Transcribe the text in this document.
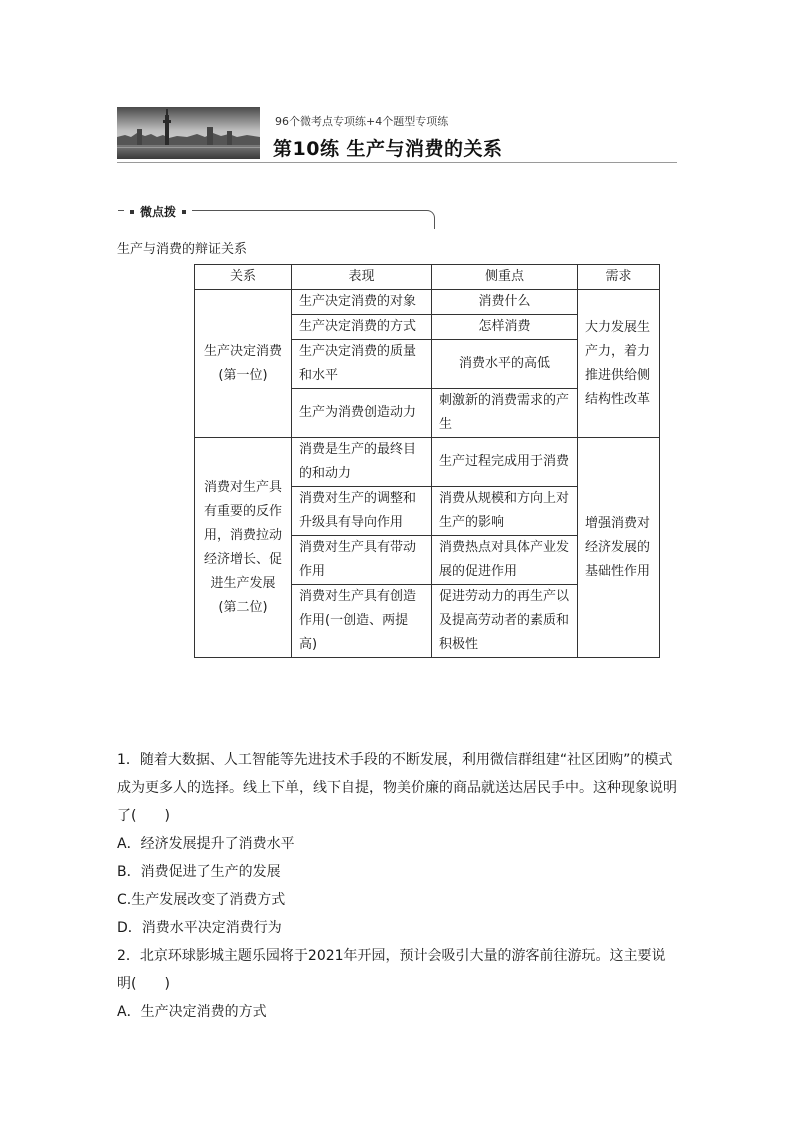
96个微考点专项练+4个题型专项练
第10练 生产与消费的关系
微点拨
生产与消费的辩证关系
关系	表现	侧重点	需求
生产决定消费(第一位)	生产决定消费的对象	消费什么	大力发展生产力，着力推进供给侧结构性改革
	生产决定消费的方式	怎样消费	
	生产决定消费的质量和水平	消费水平的高低	
	生产为消费创造动力	刺激新的消费需求的产生	
消费对生产具有重要的反作用，消费拉动经济增长、促进生产发展(第二位)	消费是生产的最终目的和动力	生产过程完成用于消费	增强消费对经济发展的基础性作用
	消费对生产的调整和升级具有导向作用	消费从规模和方向上对生产的影响	
	消费对生产具有带动作用	消费热点对具体产业发展的促进作用	
	消费对生产具有创造作用(一创造、两提高)	促进劳动力的再生产以及提高劳动者的素质和积极性	
1．随着大数据、人工智能等先进技术手段的不断发展，利用微信群组建“社区团购”的模式成为更多人的选择。线上下单，线下自提，物美价廉的商品就送达居民手中。这种现象说明了(　　)
A．经济发展提升了消费水平
B．消费促进了生产的发展
C.生产发展改变了消费方式
D．消费水平决定消费行为
2．北京环球影城主题乐园将于2021年开园，预计会吸引大量的游客前往游玩。这主要说明(　　)
A．生产决定消费的方式
